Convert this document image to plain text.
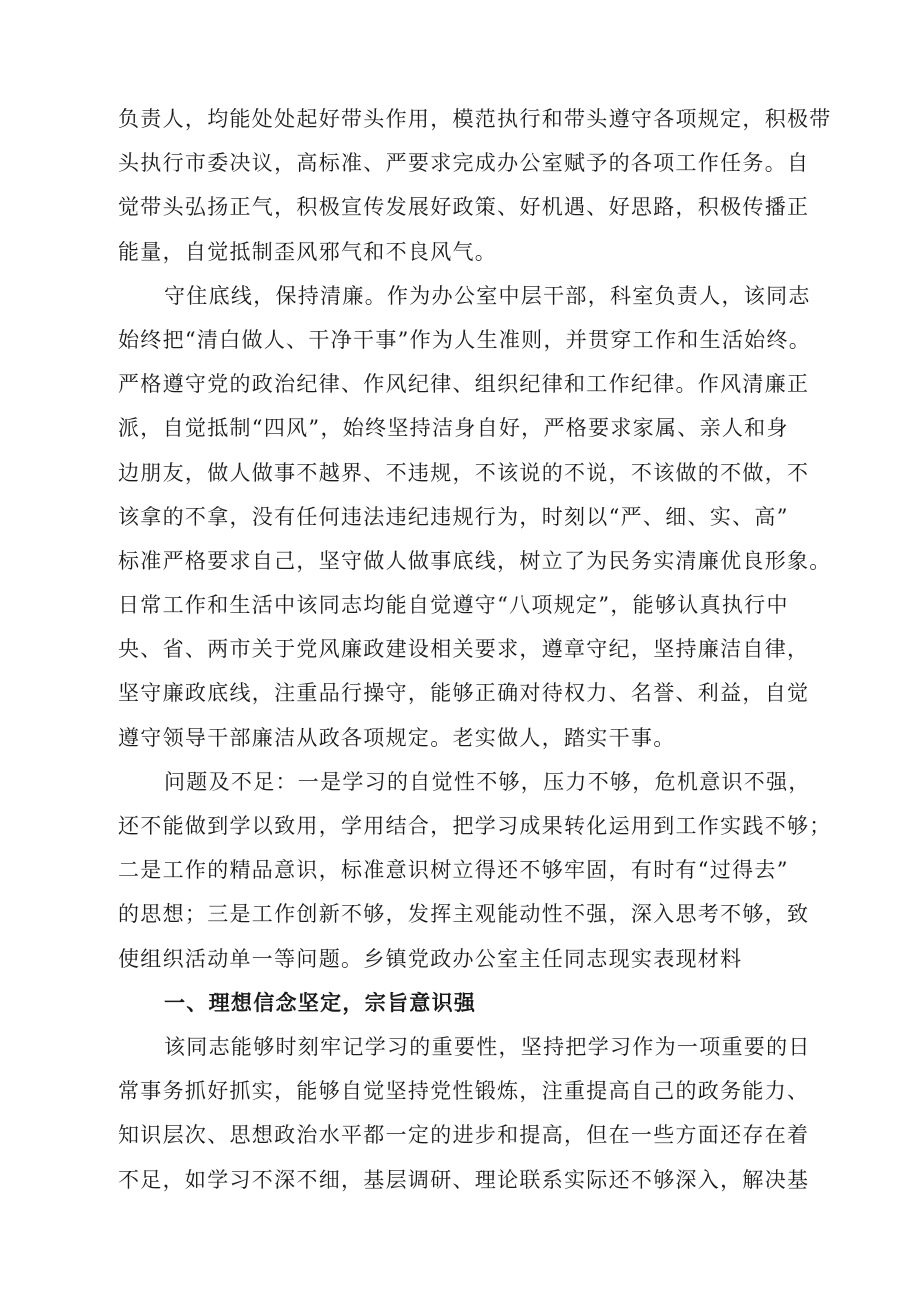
负责人，均能处处起好带头作用，模范执行和带头遵守各项规定，积极带
头执行市委决议，高标准、严要求完成办公室赋予的各项工作任务。自
觉带头弘扬正气，积极宣传发展好政策、好机遇、好思路，积极传播正
能量，自觉抵制歪风邪气和不良风气。
守住底线，保持清廉。作为办公室中层干部，科室负责人，该同志
始终把“清白做人、干净干事”作为人生准则，并贯穿工作和生活始终。
严格遵守党的政治纪律、作风纪律、组织纪律和工作纪律。作风清廉正
派，自觉抵制“四风”，始终坚持洁身自好，严格要求家属、亲人和身
边朋友，做人做事不越界、不违规，不该说的不说，不该做的不做，不
该拿的不拿，没有任何违法违纪违规行为，时刻以“严、细、实、高”
标准严格要求自己，坚守做人做事底线，树立了为民务实清廉优良形象。
日常工作和生活中该同志均能自觉遵守“八项规定”，能够认真执行中
央、省、两市关于党风廉政建设相关要求，遵章守纪，坚持廉洁自律，
坚守廉政底线，注重品行操守，能够正确对待权力、名誉、利益，自觉
遵守领导干部廉洁从政各项规定。老实做人，踏实干事。
问题及不足：一是学习的自觉性不够，压力不够，危机意识不强，
还不能做到学以致用，学用结合，把学习成果转化运用到工作实践不够；
二是工作的精品意识，标准意识树立得还不够牢固，有时有“过得去”
的思想；三是工作创新不够，发挥主观能动性不强，深入思考不够，致
使组织活动单一等问题。乡镇党政办公室主任同志现实表现材料
一、理想信念坚定，宗旨意识强
该同志能够时刻牢记学习的重要性，坚持把学习作为一项重要的日
常事务抓好抓实，能够自觉坚持党性锻炼，注重提高自己的政务能力、
知识层次、思想政治水平都一定的进步和提高，但在一些方面还存在着
不足，如学习不深不细，基层调研、理论联系实际还不够深入，解决基
